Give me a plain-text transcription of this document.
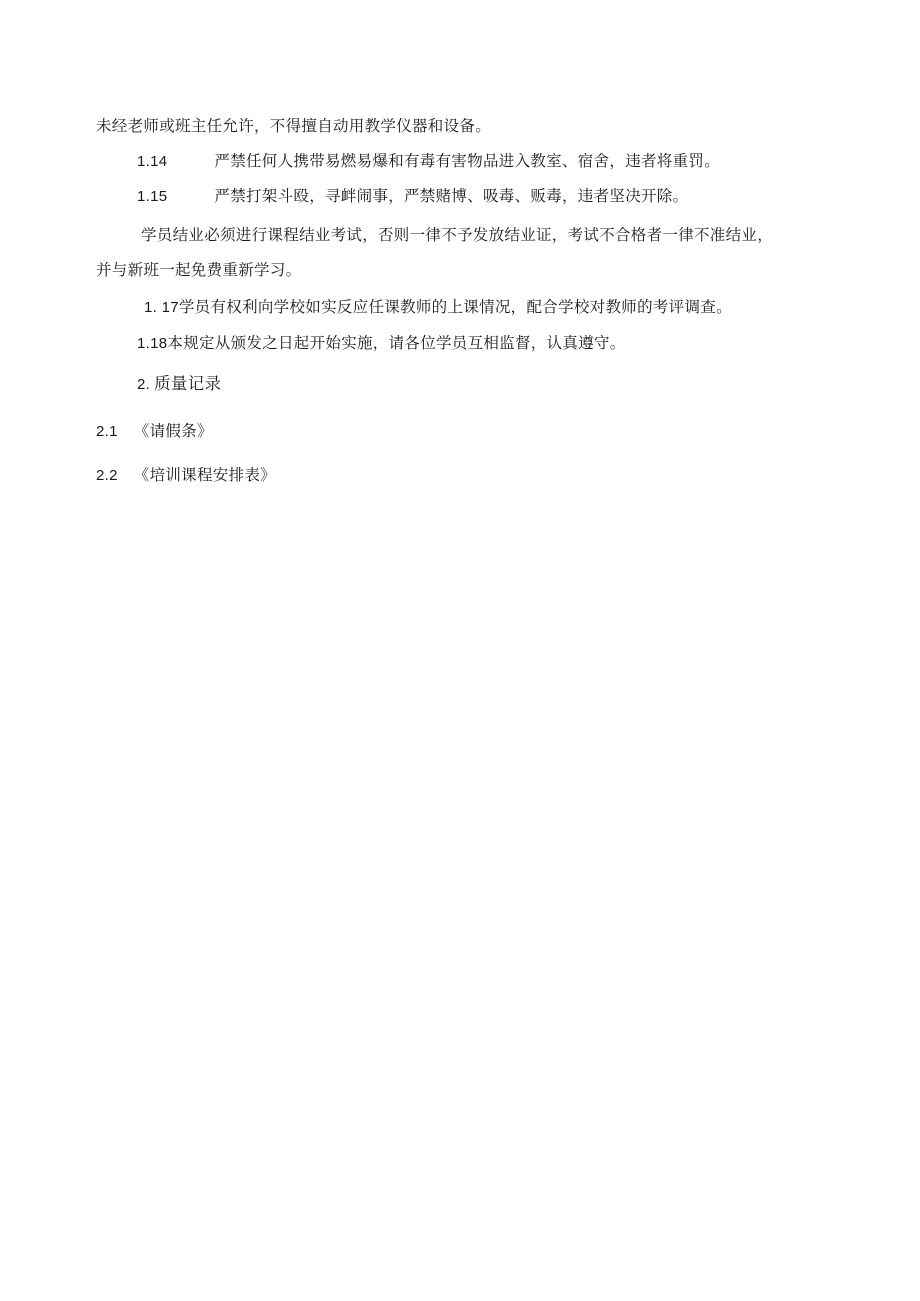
未经老师或班主任允许，不得擅自动用教学仪器和设备。
1.14	严禁任何人携带易燃易爆和有毒有害物品进入教室、宿舍，违者将重罚。
1.15	严禁打架斗殴，寻衅闹事，严禁赌博、吸毒、贩毒，违者坚决开除。
学员结业必须进行课程结业考试，否则一律不予发放结业证，考试不合格者一律不准结业，
并与新班一起免费重新学习。
1. 17学员有权利向学校如实反应任课教师的上课情况，配合学校对教师的考评调查。
1.18本规定从颁发之日起开始实施，请各位学员互相监督，认真遵守。
2. 质量记录
2.1 《请假条》
2.2 《培训课程安排表》
